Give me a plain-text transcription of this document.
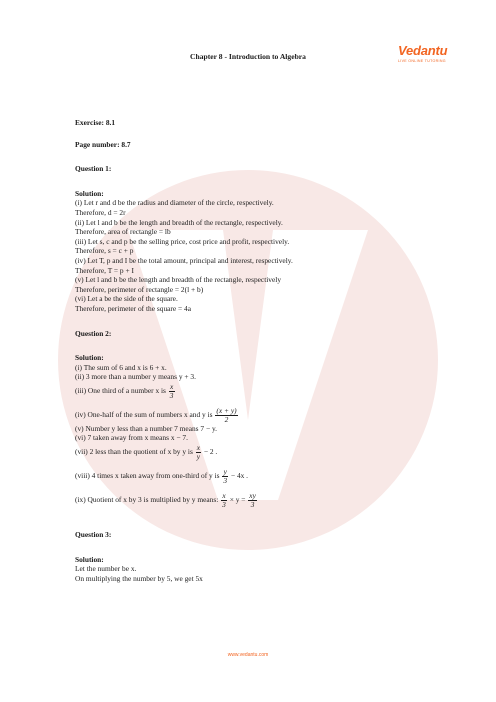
Chapter 8 - Introduction to Algebra	Vedantu
LIVE ONLINE TUTORING
Exercise: 8.1
Page number: 8.7
Question 1:
Solution:
(i) Let r and d be the radius and diameter of the circle, respectively.
Therefore, d = 2r
(ii) Let l and b be the length and breadth of the rectangle, respectively.
Therefore, area of rectangle = lb
(iii) Let s, c and p be the selling price, cost price and profit, respectively.
Therefore, s = c + p
(iv) Let T, p and I be the total amount, principal and interest, respectively.
Therefore, T = p + I
(v) Let l and b be the length and breadth of the rectangle, respectively
Therefore, perimeter of rectangle = 2(l + b)
(vi) Let a be the side of the square.
Therefore, perimeter of the square = 4a
Question 2:
Solution:
(i) The sum of 6 and x is 6 + x.
(ii) 3 more than a number y means y + 3.
(iii) One third of a number x is $\frac{x}{3}$
(iv) One-half of the sum of numbers x and y is $\frac{(x + y)}{2}$
(v) Number y less than a number 7 means 7 − y.
(vi) 7 taken away from x means x − 7.
(vii) 2 less than the quotient of x by y is $\frac{x}{y} - 2$ .
(viii) 4 times x taken away from one-third of y is $\frac{y}{3} - 4x$ .
(ix) Quotient of x by 3 is multiplied by y means: $\frac{x}{3} \times y = \frac{xy}{3}$
Question 3:
Solution:
Let the number be x.
On multiplying the number by 5, we get 5x
www.vedantu.com
